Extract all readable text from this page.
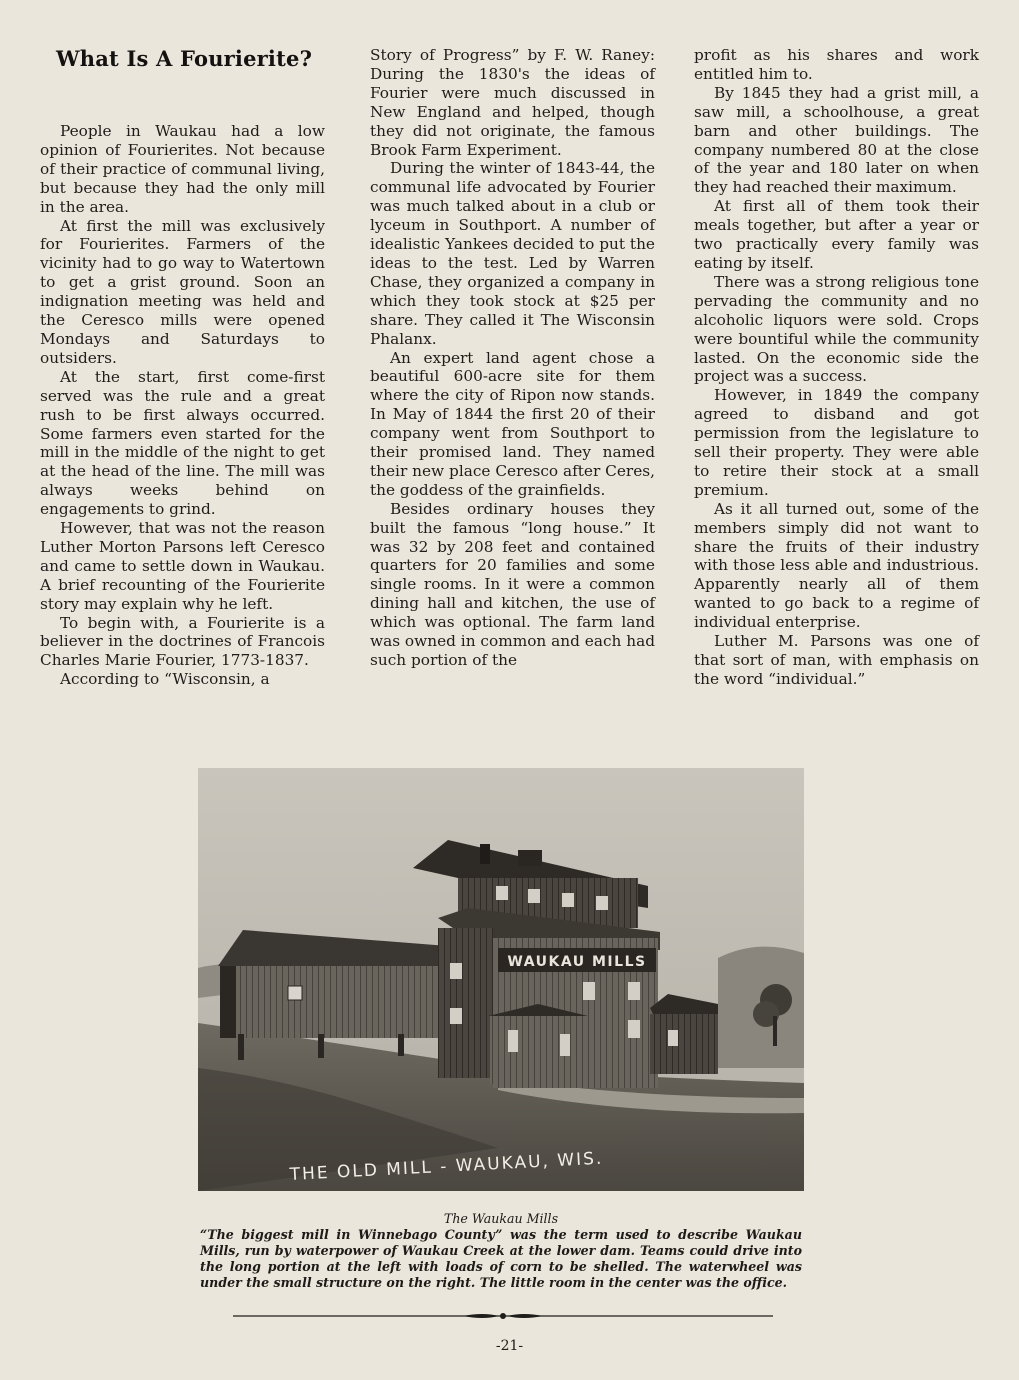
What Is A Fourierite?

People in Waukau had a low opinion of Fourierites. Not because of their practice of communal living, but because they had the only mill in the area.

At first the mill was exclusively for Fourierites. Farmers of the vicinity had to go way to Watertown to get a grist ground. Soon an indignation meeting was held and the Ceresco mills were opened Mondays and Saturdays to outsiders.

At the start, first come-first served was the rule and a great rush to be first always occurred. Some farmers even started for the mill in the middle of the night to get at the head of the line. The mill was always weeks behind on engagements to grind.

However, that was not the reason Luther Morton Parsons left Ceresco and came to settle down in Waukau. A brief recounting of the Fourierite story may explain why he left.

To begin with, a Fourierite is a believer in the doctrines of Francois Charles Marie Fourier, 1773-1837.

According to “Wisconsin, a

Story of Progress” by F. W. Raney: During the 1830's the ideas of Fourier were much discussed in New England and helped, though they did not originate, the famous Brook Farm Experiment.

During the winter of 1843-44, the communal life advocated by Fourier was much talked about in a club or lyceum in Southport. A number of idealistic Yankees decided to put the ideas to the test. Led by Warren Chase, they organized a company in which they took stock at $25 per share. They called it The Wisconsin Phalanx.

An expert land agent chose a beautiful 600-acre site for them where the city of Ripon now stands. In May of 1844 the first 20 of their company went from Southport to their promised land. They named their new place Ceresco after Ceres, the goddess of the grainfields.

Besides ordinary houses they built the famous “long house.” It was 32 by 208 feet and contained quarters for 20 families and some single rooms. In it were a common dining hall and kitchen, the use of which was optional. The farm land was owned in common and each had such portion of the

profit as his shares and work entitled him to.

By 1845 they had a grist mill, a saw mill, a schoolhouse, a great barn and other buildings. The company numbered 80 at the close of the year and 180 later on when they had reached their maximum.

At first all of them took their meals together, but after a year or two practically every family was eating by itself.

There was a strong religious tone pervading the community and no alcoholic liquors were sold. Crops were bountiful while the community lasted. On the economic side the project was a success.

However, in 1849 the company agreed to disband and got permission from the legislature to sell their property. They were able to retire their stock at a small premium.

As it all turned out, some of the members simply did not want to share the fruits of their industry with those less able and industrious. Apparently nearly all of them wanted to go back to a regime of individual enterprise.

Luther M. Parsons was one of that sort of man, with emphasis on the word “individual.”

WAUKAU MILLS
THE OLD MILL - WAUKAU, WIS.
The Waukau Mills
“The biggest mill in Winnebago County” was the term used to describe Waukau Mills, run by waterpower of Waukau Creek at the lower dam. Teams could drive into the long portion at the left with loads of corn to be shelled. The waterwheel was under the small structure on the right. The little room in the center was the office.
-21-
